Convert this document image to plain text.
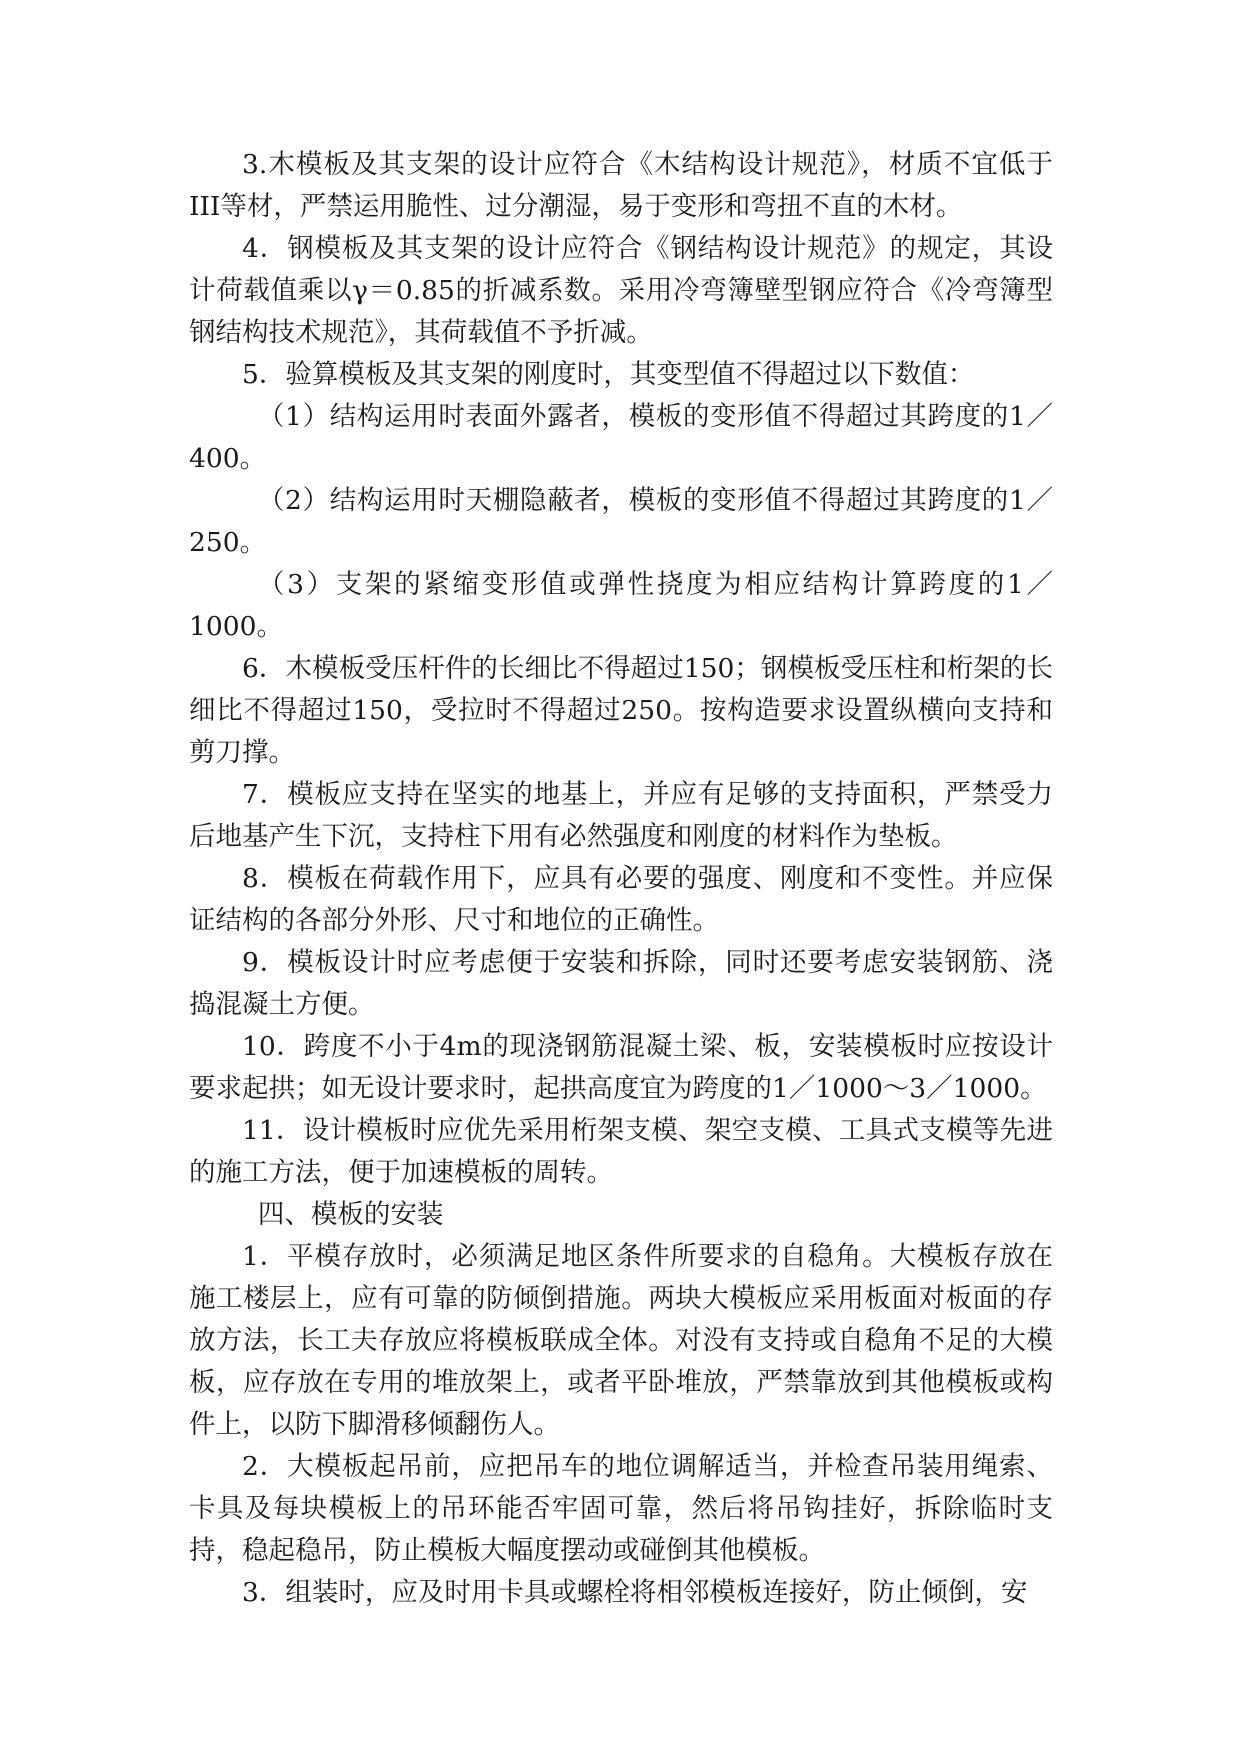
3.木模板及其支架的设计应符合《木结构设计规范》，材质不宜低于III等材，严禁运用脆性、过分潮湿，易于变形和弯扭不直的木材。

4．钢模板及其支架的设计应符合《钢结构设计规范》的规定，其设计荷载值乘以γ＝0.85的折减系数。采用冷弯簿壁型钢应符合《冷弯簿型钢结构技术规范》，其荷载值不予折减。

5．验算模板及其支架的刚度时，其变型值不得超过以下数值：

（1）结构运用时表面外露者，模板的变形值不得超过其跨度的1／400。

（2）结构运用时天棚隐蔽者，模板的变形值不得超过其跨度的1／250。

（3）支架的紧缩变形值或弹性挠度为相应结构计算跨度的1／1000。

6．木模板受压杆件的长细比不得超过150；钢模板受压柱和桁架的长细比不得超过150，受拉时不得超过250。按构造要求设置纵横向支持和剪刀撑。

7．模板应支持在坚实的地基上，并应有足够的支持面积，严禁受力后地基产生下沉，支持柱下用有必然强度和刚度的材料作为垫板。

8．模板在荷载作用下，应具有必要的强度、刚度和不变性。并应保证结构的各部分外形、尺寸和地位的正确性。

9．模板设计时应考虑便于安装和拆除，同时还要考虑安装钢筋、浇捣混凝土方便。

10．跨度不小于4m的现浇钢筋混凝土梁、板，安装模板时应按设计要求起拱；如无设计要求时，起拱高度宜为跨度的1／1000～3／1000。

11．设计模板时应优先采用桁架支模、架空支模、工具式支模等先进的施工方法，便于加速模板的周转。

四、模板的安装

1．平模存放时，必须满足地区条件所要求的自稳角。大模板存放在施工楼层上，应有可靠的防倾倒措施。两块大模板应采用板面对板面的存放方法，长工夫存放应将模板联成全体。对没有支持或自稳角不足的大模板，应存放在专用的堆放架上，或者平卧堆放，严禁靠放到其他模板或构件上，以防下脚滑移倾翻伤人。

2．大模板起吊前，应把吊车的地位调解适当，并检查吊装用绳索、卡具及每块模板上的吊环能否牢固可靠，然后将吊钩挂好，拆除临时支持，稳起稳吊，防止模板大幅度摆动或碰倒其他模板。

3．组装时，应及时用卡具或螺栓将相邻模板连接好，防止倾倒，安
